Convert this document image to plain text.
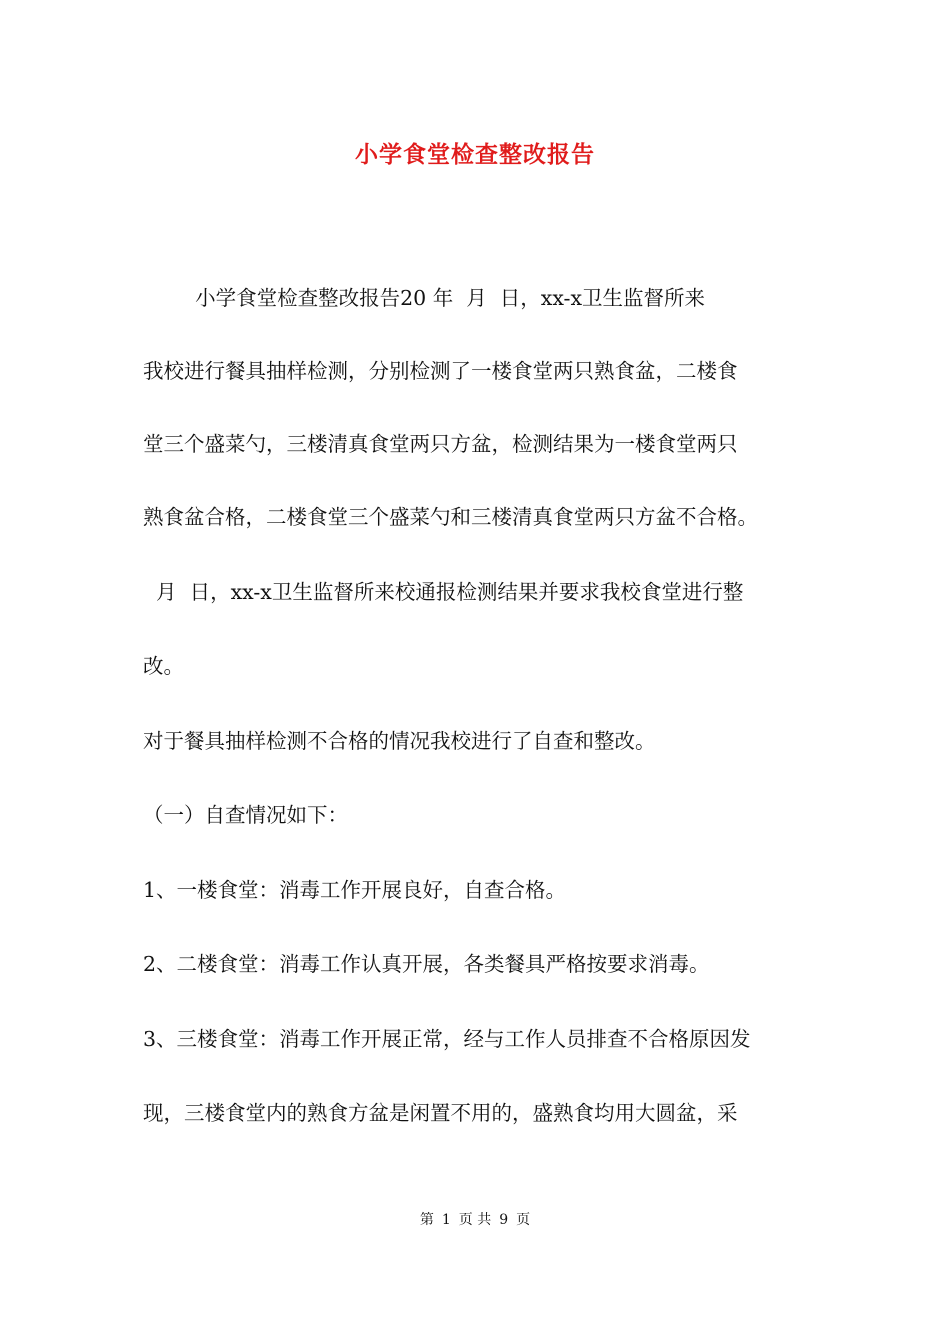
小学食堂检查整改报告

小学食堂检查整改报告20 年  月  日，xx-x卫生监督所来

我校进行餐具抽样检测，分别检测了一楼食堂两只熟食盆，二楼食

堂三个盛菜勺，三楼清真食堂两只方盆，检测结果为一楼食堂两只

熟食盆合格，二楼食堂三个盛菜勺和三楼清真食堂两只方盆不合格。

月  日，xx-x卫生监督所来校通报检测结果并要求我校食堂进行整

改。

对于餐具抽样检测不合格的情况我校进行了自查和整改。

（一）自查情况如下：

1、一楼食堂：消毒工作开展良好，自查合格。

2、二楼食堂：消毒工作认真开展，各类餐具严格按要求消毒。

3、三楼食堂：消毒工作开展正常，经与工作人员排查不合格原因发

现，三楼食堂内的熟食方盆是闲置不用的，盛熟食均用大圆盆，采

第 1 页 共 9 页
